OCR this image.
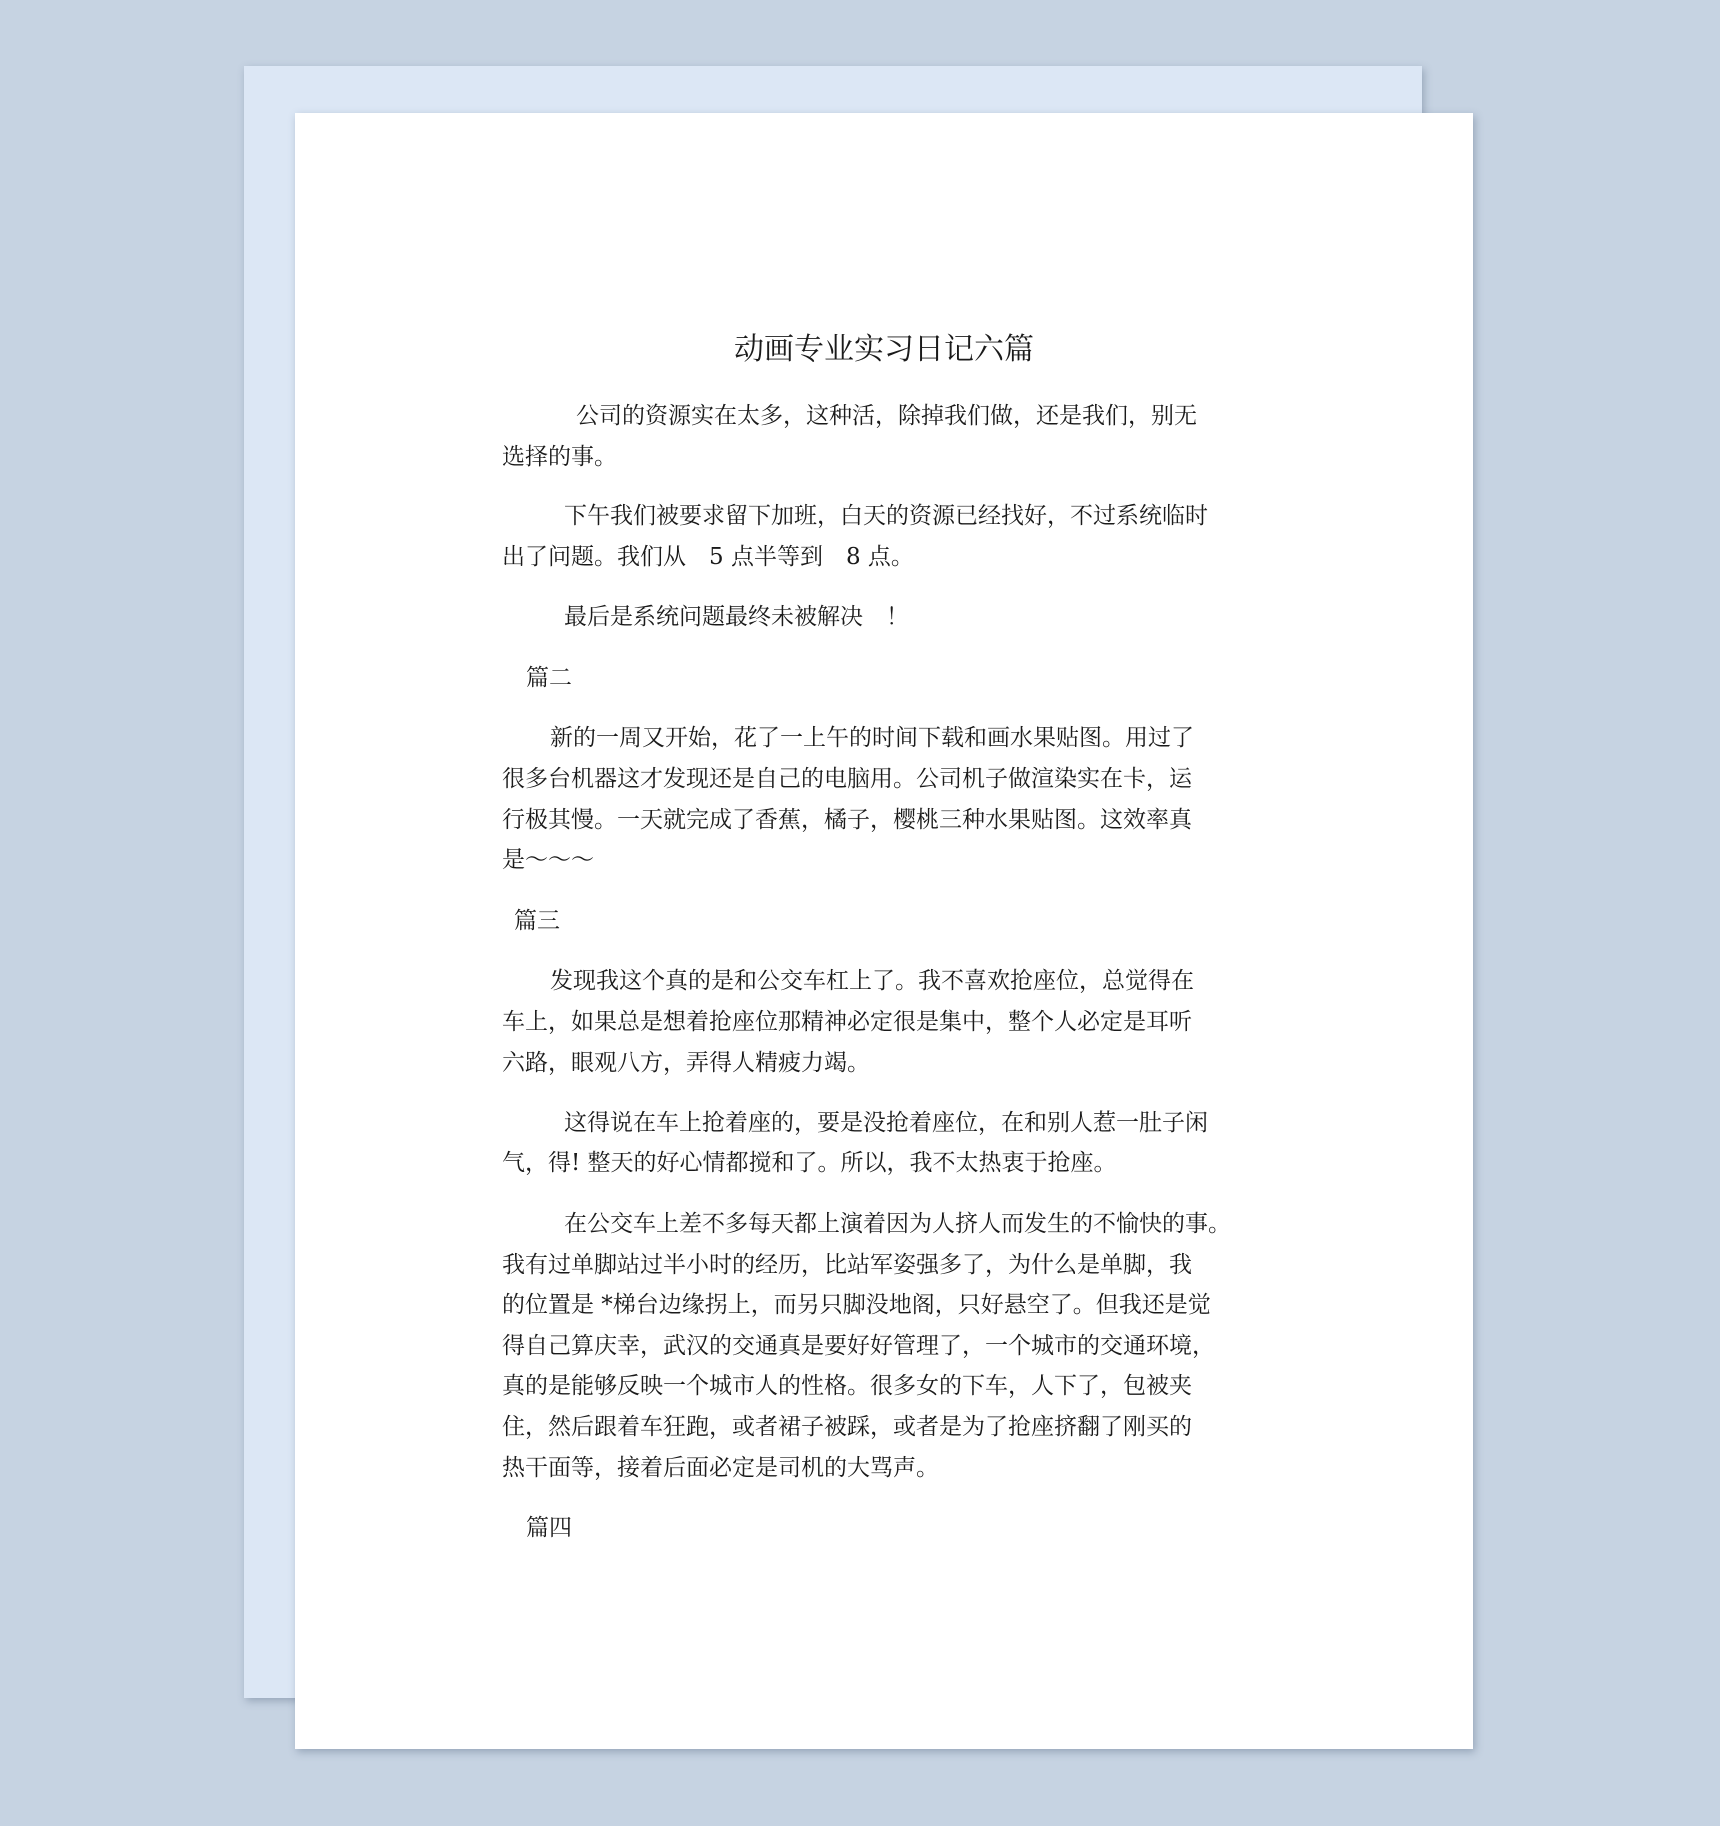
动画专业实习日记六篇
公司的资源实在太多，这种活，除掉我们做，还是我们，别无
选择的事。
下午我们被要求留下加班，白天的资源已经找好，不过系统临时
出了问题。我们从　5 点半等到　8 点。
最后是系统问题最终未被解决　！
篇二
新的一周又开始，花了一上午的时间下载和画水果贴图。用过了
很多台机器这才发现还是自己的电脑用。公司机子做渲染实在卡，运
行极其慢。一天就完成了香蕉，橘子，樱桃三种水果贴图。这效率真
是～～～
篇三
发现我这个真的是和公交车杠上了。我不喜欢抢座位，总觉得在
车上，如果总是想着抢座位那精神必定很是集中，整个人必定是耳听
六路，眼观八方，弄得人精疲力竭。
这得说在车上抢着座的，要是没抢着座位，在和别人惹一肚子闲
气，得! 整天的好心情都搅和了。所以，我不太热衷于抢座。
在公交车上差不多每天都上演着因为人挤人而发生的不愉快的事。
我有过单脚站过半小时的经历，比站军姿强多了，为什么是单脚，我
的位置是 *梯台边缘拐上，而另只脚没地阁，只好悬空了。但我还是觉
得自己算庆幸，武汉的交通真是要好好管理了，一个城市的交通环境，
真的是能够反映一个城市人的性格。很多女的下车，人下了，包被夹
住，然后跟着车狂跑，或者裙子被踩，或者是为了抢座挤翻了刚买的
热干面等，接着后面必定是司机的大骂声。
篇四
